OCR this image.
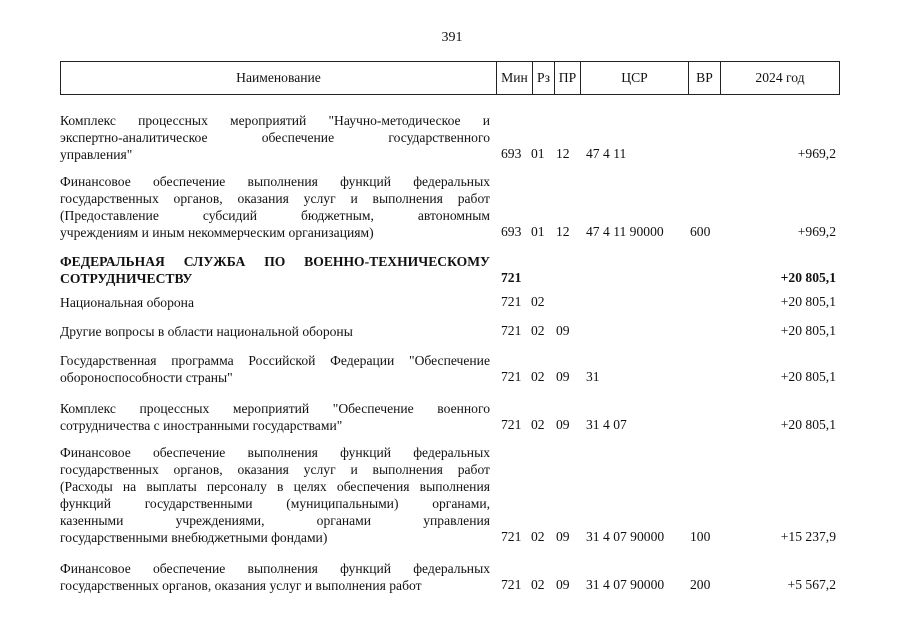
391
Наименование	Мин Рз ПР	ЦСР	ВР	2024 год
Комплекс процессных мероприятий "Научно-методическое и
экспертно-аналитическое обеспечение государственного
управления"	693 01 12 47 4 11	+969,2
Финансовое обеспечение выполнения функций федеральных
государственных органов, оказания услуг и выполнения работ
(Предоставление субсидий бюджетным, автономным
учреждениям и иным некоммерческим организациям)	693 01 12 47 4 11 90000 600	+969,2
ФЕДЕРАЛЬНАЯ СЛУЖБА ПО ВОЕННО-ТЕХНИЧЕСКОМУ
СОТРУДНИЧЕСТВУ	721	+20 805,1
Национальная оборона	721 02	+20 805,1
Другие вопросы в области национальной обороны	721 02 09	+20 805,1
Государственная программа Российской Федерации "Обеспечение
обороноспособности страны"	721 02 09 31	+20 805,1
Комплекс процессных мероприятий "Обеспечение военного
сотрудничества с иностранными государствами"	721 02 09 31 4 07	+20 805,1
Финансовое обеспечение выполнения функций федеральных
государственных органов, оказания услуг и выполнения работ
(Расходы на выплаты персоналу в целях обеспечения выполнения
функций государственными (муниципальными) органами,
казенными учреждениями, органами управления
государственными внебюджетными фондами)	721 02 09 31 4 07 90000 100	+15 237,9
Финансовое обеспечение выполнения функций федеральных
государственных органов, оказания услуг и выполнения работ	721 02 09 31 4 07 90000 200	+5 567,2
